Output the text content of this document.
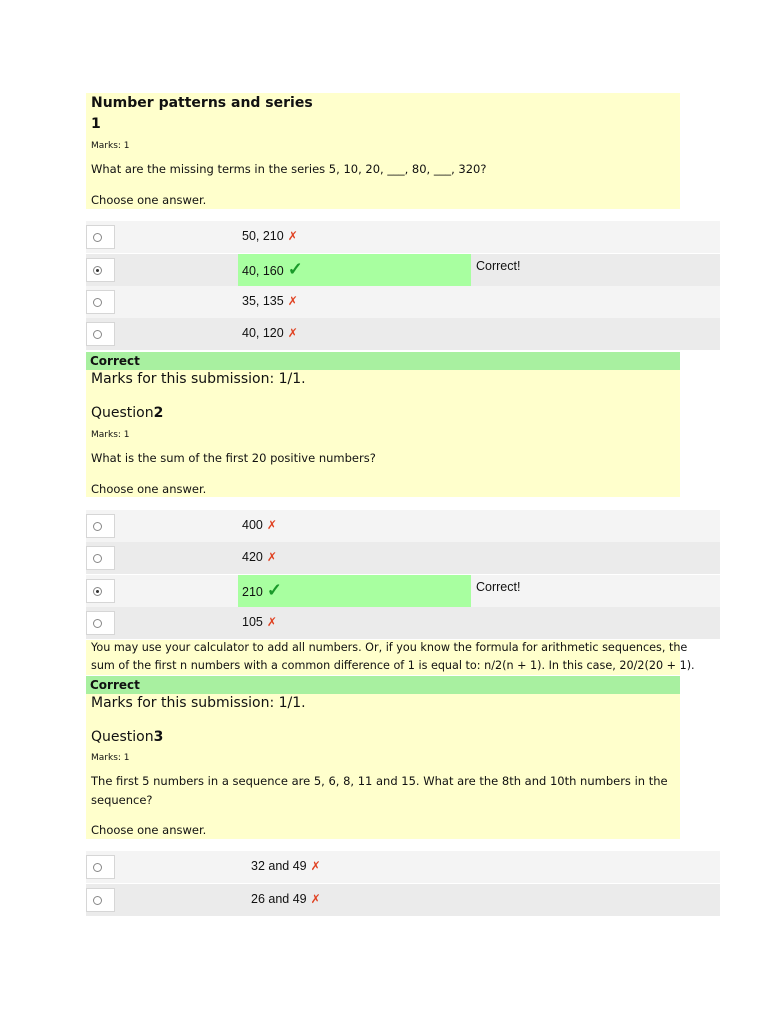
Number patterns and series
1
Marks: 1
What are the missing terms in the series 5, 10, 20, ___, 80, ___, 320?
Choose one answer.
50, 210 ✗
40, 160 ✓	Correct!
35, 135 ✗
40, 120 ✗
Correct
Marks for this submission: 1/1.
Question2
Marks: 1
What is the sum of the first 20 positive numbers?
Choose one answer.
400 ✗
420 ✗
210 ✓	Correct!
105 ✗
You may use your calculator to add all numbers. Or, if you know the formula for arithmetic sequences, the
sum of the first n numbers with a common difference of 1 is equal to: n/2(n + 1). In this case, 20/2(20 + 1).
Correct
Marks for this submission: 1/1.
Question3
Marks: 1
The first 5 numbers in a sequence are 5, 6, 8, 11 and 15. What are the 8th and 10th numbers in the
sequence?
Choose one answer.
32 and 49 ✗
26 and 49 ✗
